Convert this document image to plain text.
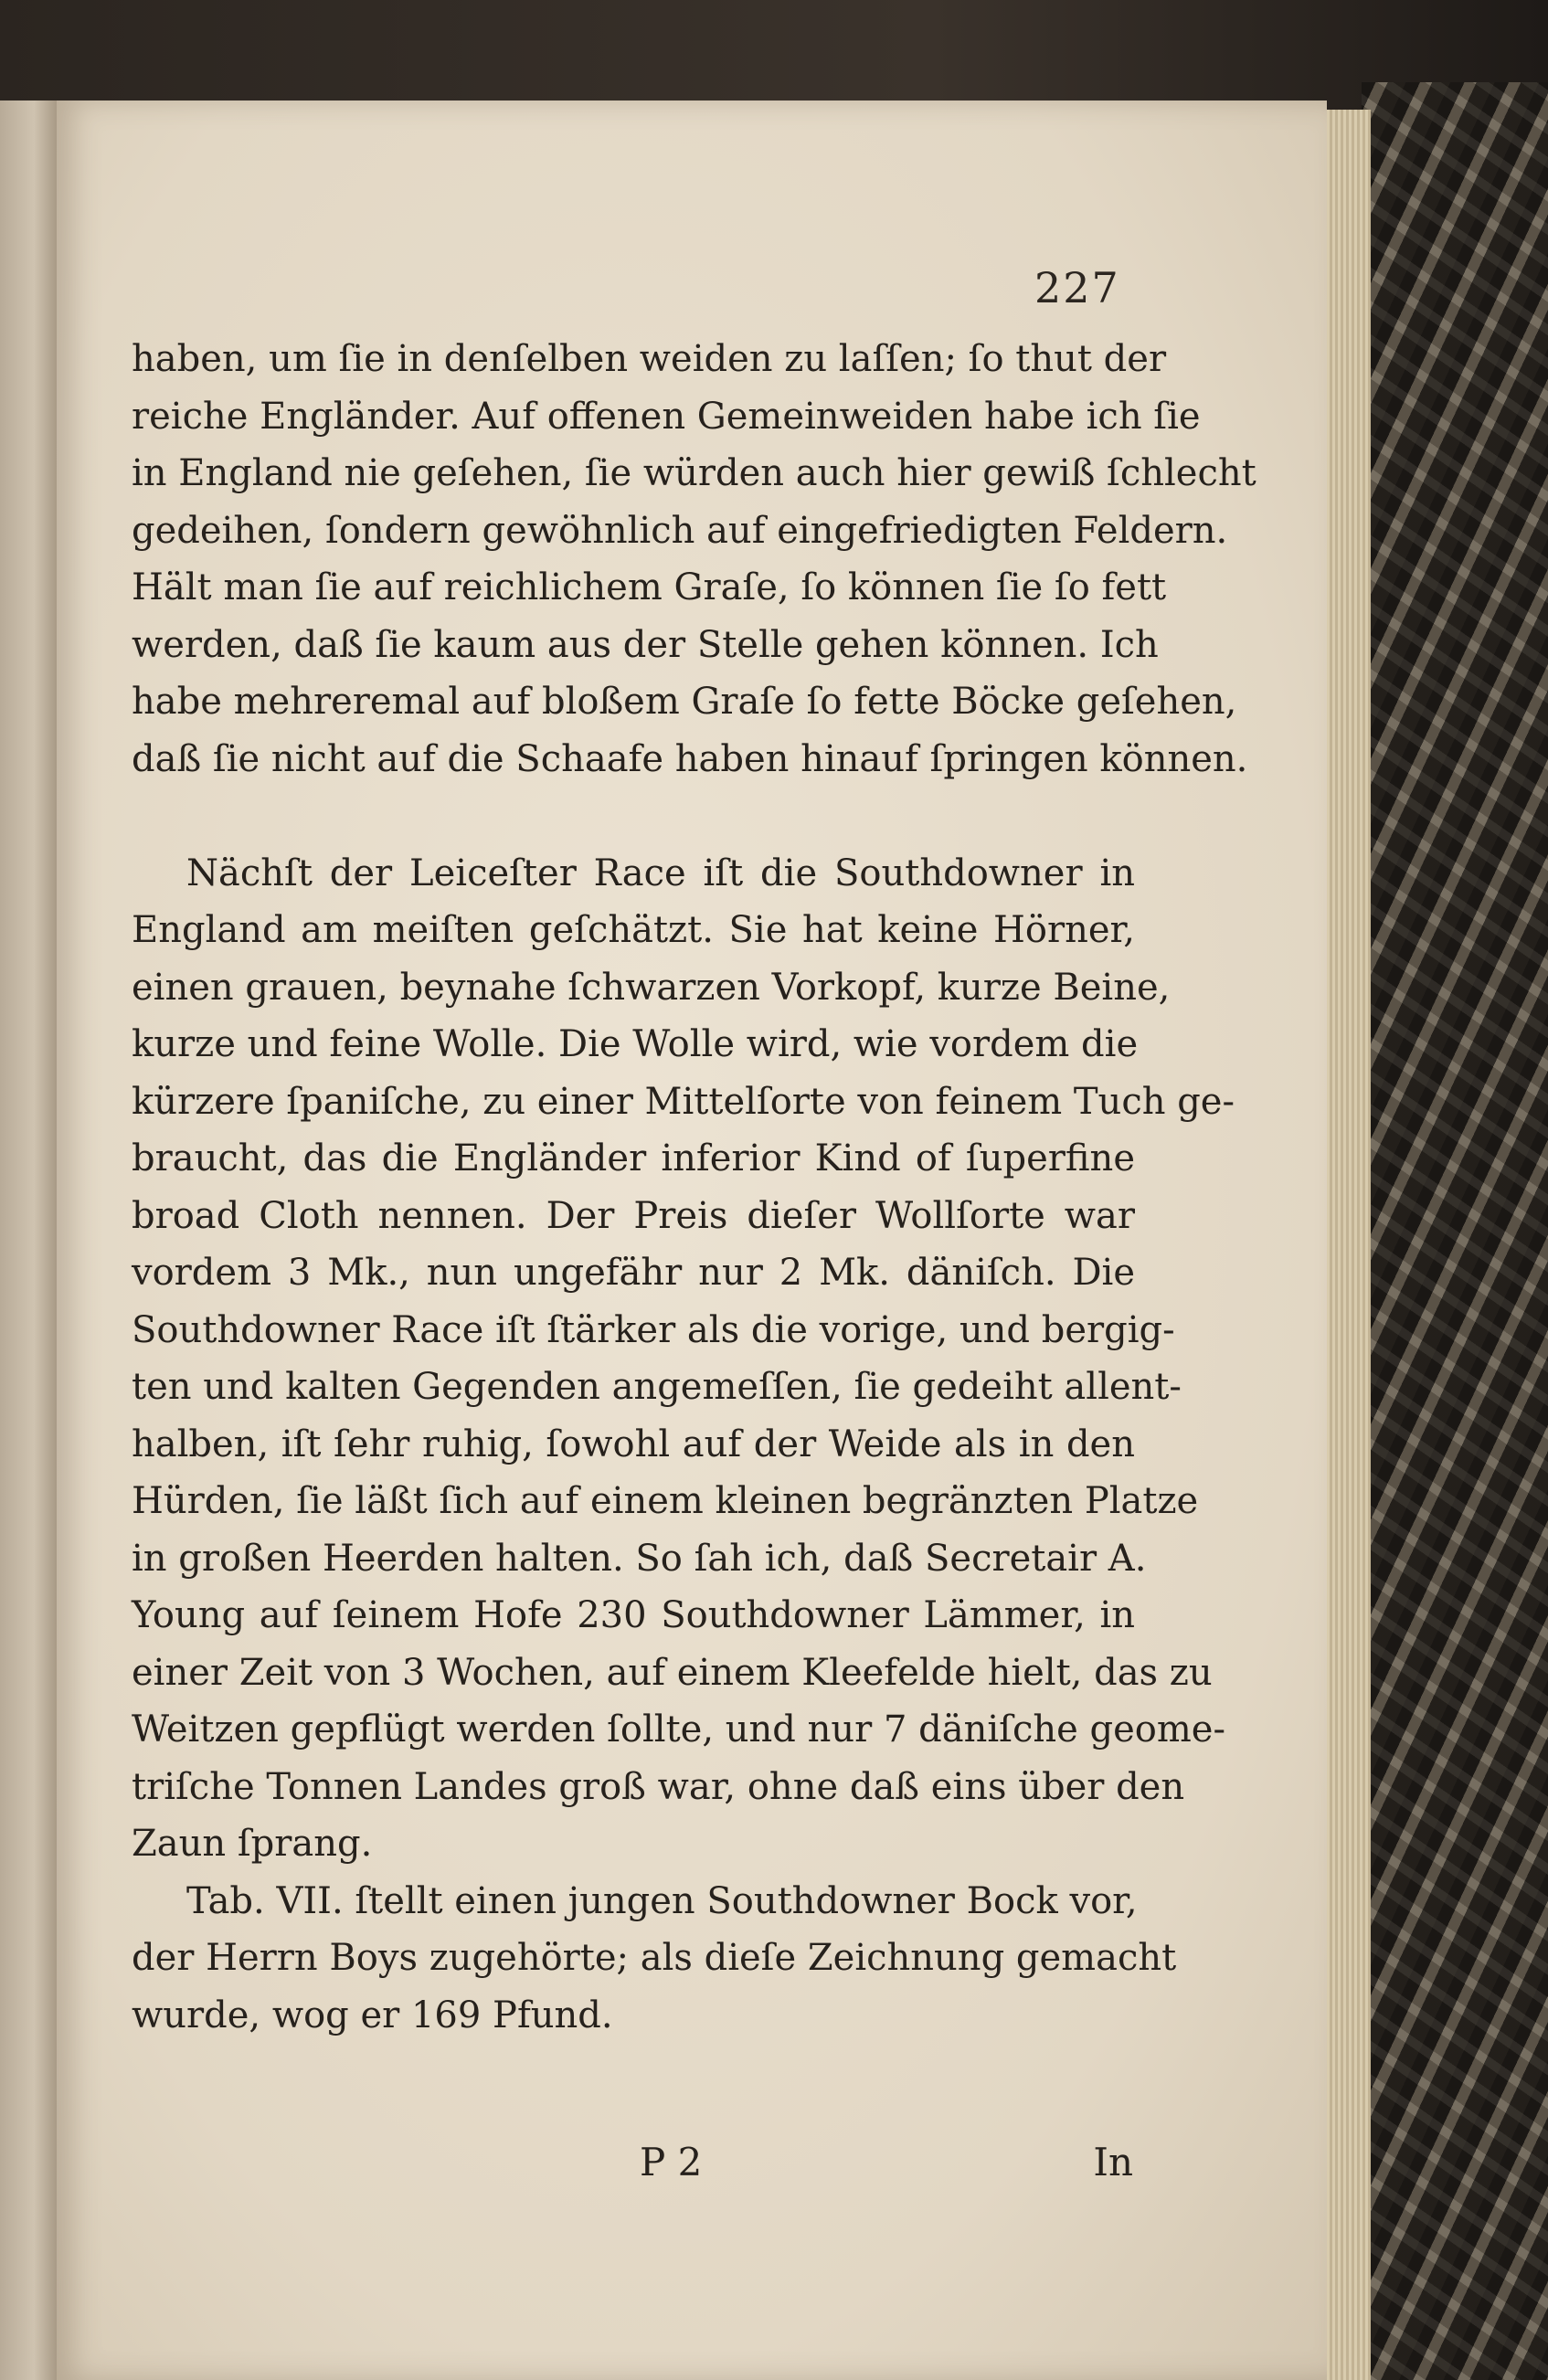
227
haben, um ſie in denſelben weiden zu laſſen; ſo thut der
reiche Engländer. Auf offenen Gemeinweiden habe ich ſie
in England nie geſehen, ſie würden auch hier gewiß ſchlecht
gedeihen, ſondern gewöhnlich auf eingefriedigten Feldern.
Hält man ſie auf reichlichem Graſe, ſo können ſie ſo fett
werden, daß ſie kaum aus der Stelle gehen können. Ich
habe mehreremal auf bloßem Graſe ſo fette Böcke geſehen,
daß ſie nicht auf die Schaafe haben hinauf ſpringen können.
Nächſt der Leiceſter Race iſt die Southdowner in
England am meiſten geſchätzt. Sie hat keine Hörner,
einen grauen, beynahe ſchwarzen Vorkopf, kurze Beine,
kurze und feine Wolle. Die Wolle wird, wie vordem die
kürzere ſpaniſche, zu einer Mittelſorte von feinem Tuch ge-
braucht, das die Engländer inferior Kind of ſuperfine
broad Cloth nennen. Der Preis dieſer Wollſorte war
vordem 3 Mk., nun ungefähr nur 2 Mk. däniſch. Die
Southdowner Race iſt ſtärker als die vorige, und bergig-
ten und kalten Gegenden angemeſſen, ſie gedeiht allent-
halben, iſt ſehr ruhig, ſowohl auf der Weide als in den
Hürden, ſie läßt ſich auf einem kleinen begränzten Platze
in großen Heerden halten. So ſah ich, daß Secretair A.
Young auf ſeinem Hofe 230 Southdowner Lämmer, in
einer Zeit von 3 Wochen, auf einem Kleefelde hielt, das zu
Weitzen gepflügt werden ſollte, und nur 7 däniſche geome-
triſche Tonnen Landes groß war, ohne daß eins über den
Zaun ſprang.
Tab. VII. ſtellt einen jungen Southdowner Bock vor,
der Herrn Boys zugehörte; als dieſe Zeichnung gemacht
wurde, wog er 169 Pfund.
P 2	In
